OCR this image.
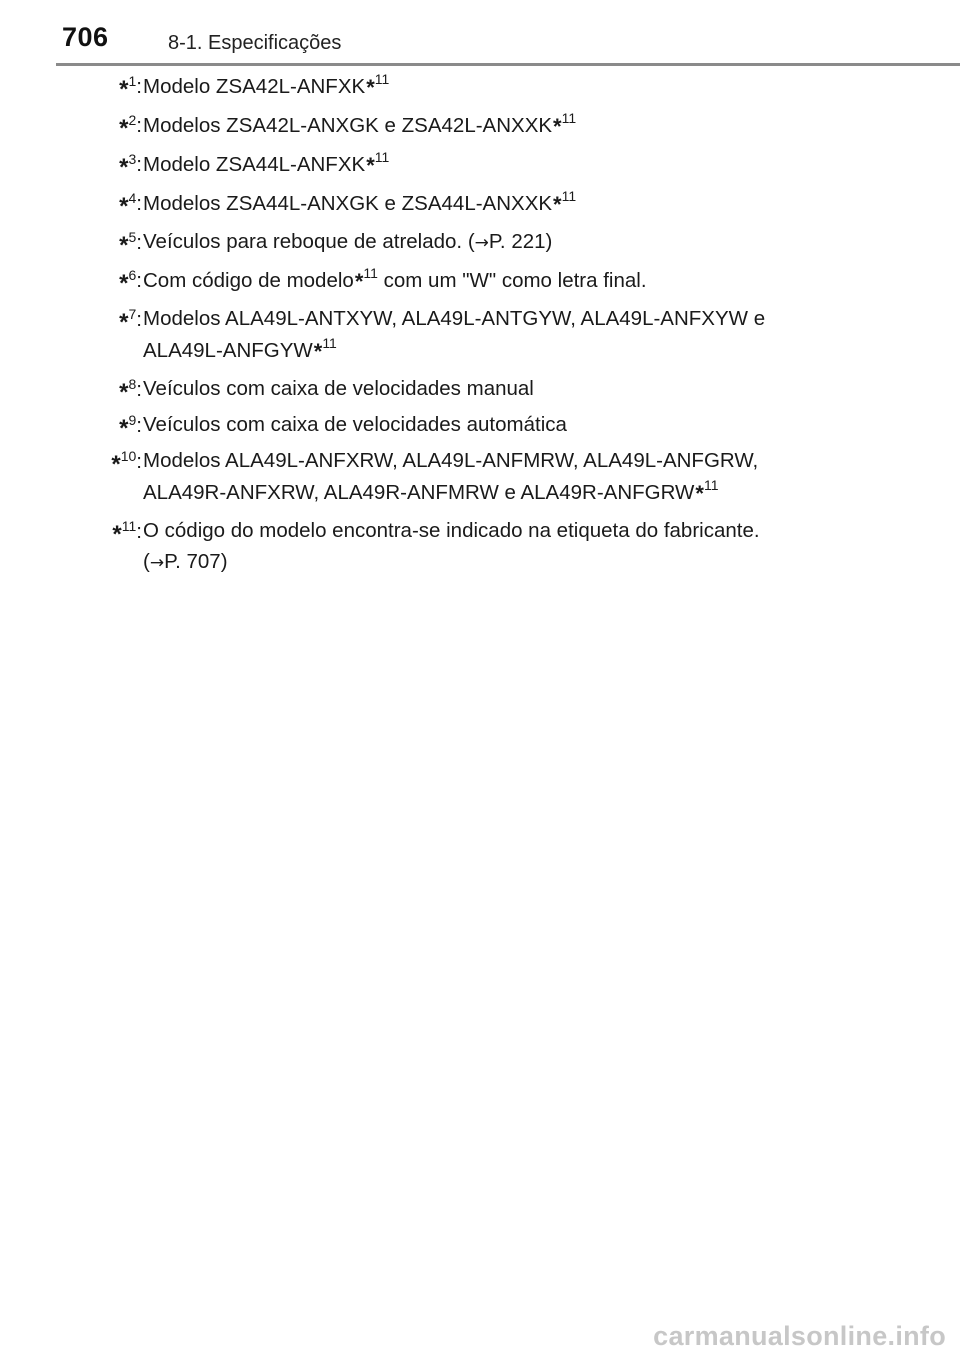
706	8-1. Especificações
*$^1$: Modelo ZSA42L-ANFXK*$^{11}$
*$^2$: Modelos ZSA42L-ANXGK e ZSA42L-ANXXK*$^{11}$
*$^3$: Modelo ZSA44L-ANFXK*$^{11}$
*$^4$: Modelos ZSA44L-ANXGK e ZSA44L-ANXXK*$^{11}$
*$^5$: Veículos para reboque de atrelado. (→P. 221)
*$^6$: Com código de modelo*$^{11}$ com um "W" como letra final.
*$^7$: Modelos ALA49L-ANTXYW, ALA49L-ANTGYW, ALA49L-ANFXYW e
ALA49L-ANFGYW*$^{11}$
*$^8$: Veículos com caixa de velocidades manual
*$^9$: Veículos com caixa de velocidades automática
*$^{10}$: Modelos ALA49L-ANFXRW, ALA49L-ANFMRW, ALA49L-ANFGRW,
ALA49R-ANFXRW, ALA49R-ANFMRW e ALA49R-ANFGRW*$^{11}$
*$^{11}$: O código do modelo encontra-se indicado na etiqueta do fabricante.
(→P. 707)
carmanualsonline.info
